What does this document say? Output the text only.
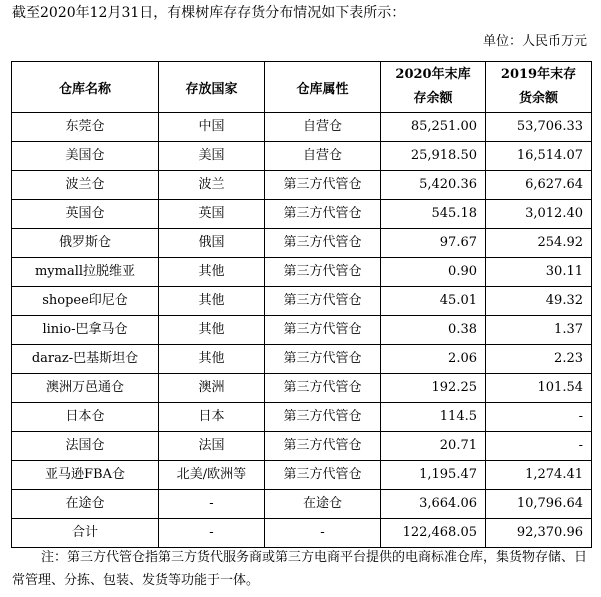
截至2020年12月31日，有棵树库存存货分布情况如下表所示：
单位：人民币万元
仓库名称	存放国家	仓库属性	2020年末库存余额	2019年末存货余额
东莞仓	中国	自营仓	85,251.00	53,706.33
美国仓	美国	自营仓	25,918.50	16,514.07
波兰仓	波兰	第三方代管仓	5,420.36	6,627.64
英国仓	英国	第三方代管仓	545.18	3,012.40
俄罗斯仓	俄国	第三方代管仓	97.67	254.92
mymall拉脱维亚	其他	第三方代管仓	0.90	30.11
shopee印尼仓	其他	第三方代管仓	45.01	49.32
linio-巴拿马仓	其他	第三方代管仓	0.38	1.37
daraz-巴基斯坦仓	其他	第三方代管仓	2.06	2.23
澳洲万邑通仓	澳洲	第三方代管仓	192.25	101.54
日本仓	日本	第三方代管仓	114.5	-
法国仓	法国	第三方代管仓	20.71	-
亚马逊FBA仓	北美/欧洲等	第三方代管仓	1,195.47	1,274.41
在途仓	-	在途仓	3,664.06	10,796.64
合计	-	-	122,468.05	92,370.96
注：第三方代管仓指第三方货代服务商或第三方电商平台提供的电商标准仓库，集货物存储、日常管理、分拣、包装、发货等功能于一体。
